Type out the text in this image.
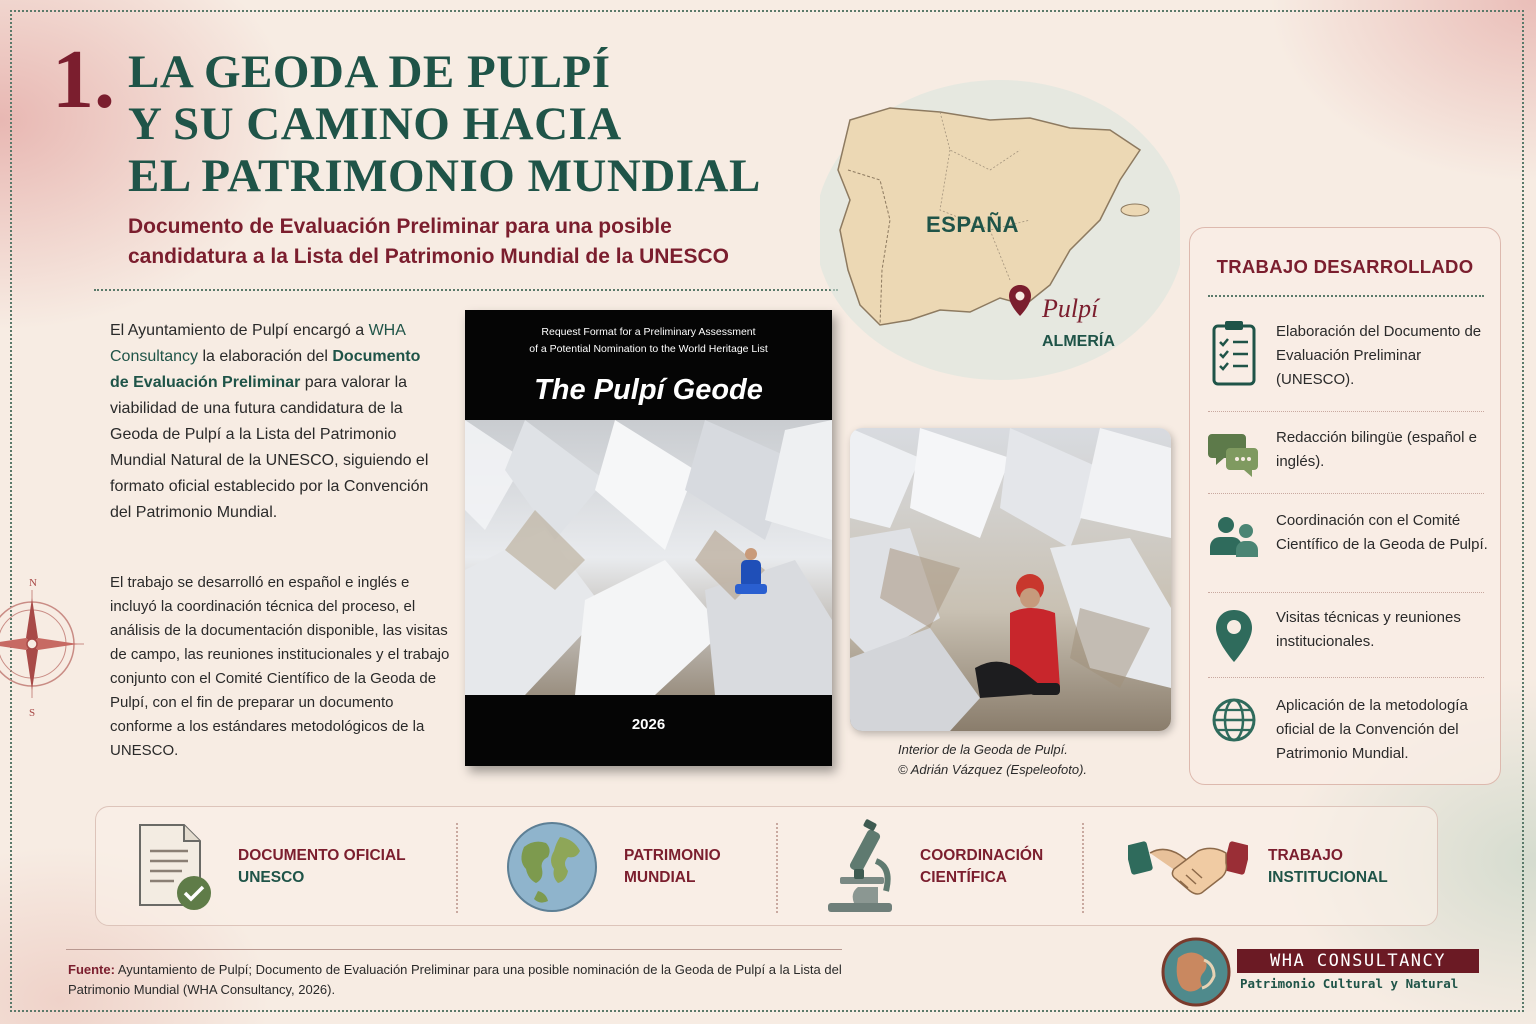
1. LA GEODA DE PULPÍ
Y SU CAMINO HACIA
EL PATRIMONIO MUNDIAL
Documento de Evaluación Preliminar para una posible
candidatura a la Lista del Patrimonio Mundial de la UNESCO
El Ayuntamiento de Pulpí encargó a WHA Consultancy la elaboración del Documento de Evaluación Preliminar para valorar la viabilidad de una futura candidatura de la Geoda de Pulpí a la Lista del Patrimonio Mundial Natural de la UNESCO, siguiendo el formato oficial establecido por la Convención del Patrimonio Mundial.
El trabajo se desarrolló en español e inglés e incluyó la coordinación técnica del proceso, el análisis de la documentación disponible, las visitas de campo, las reuniones institucionales y el trabajo conjunto con el Comité Científico de la Geoda de Pulpí, con el fin de preparar un documento conforme a los estándares metodológicos de la UNESCO.
N
S
Request Format for a Preliminary Assessment
of a Potential Nomination to the World Heritage List
The Pulpí Geode
2026
Interior de la Geoda de Pulpí.
© Adrián Vázquez (Espeleofoto).
ESPAÑA
Pulpí
ALMERÍA
TRABAJO DESARROLLADO
Elaboración del Documento de Evaluación Preliminar (UNESCO).
Redacción bilingüe (español e inglés).
Coordinación con el Comité Científico de la Geoda de Pulpí.
Visitas técnicas y reuniones institucionales.
Aplicación de la metodología oficial de la Convención del Patrimonio Mundial.
DOCUMENTO OFICIAL
UNESCO
PATRIMONIO
MUNDIAL
COORDINACIÓN
CIENTÍFICA
TRABAJO
INSTITUCIONAL
Fuente: Ayuntamiento de Pulpí; Documento de Evaluación Preliminar para una posible nominación de la Geoda de Pulpí a la Lista del Patrimonio Mundial (WHA Consultancy, 2026).
WHA CONSULTANCY
Patrimonio Cultural y Natural
